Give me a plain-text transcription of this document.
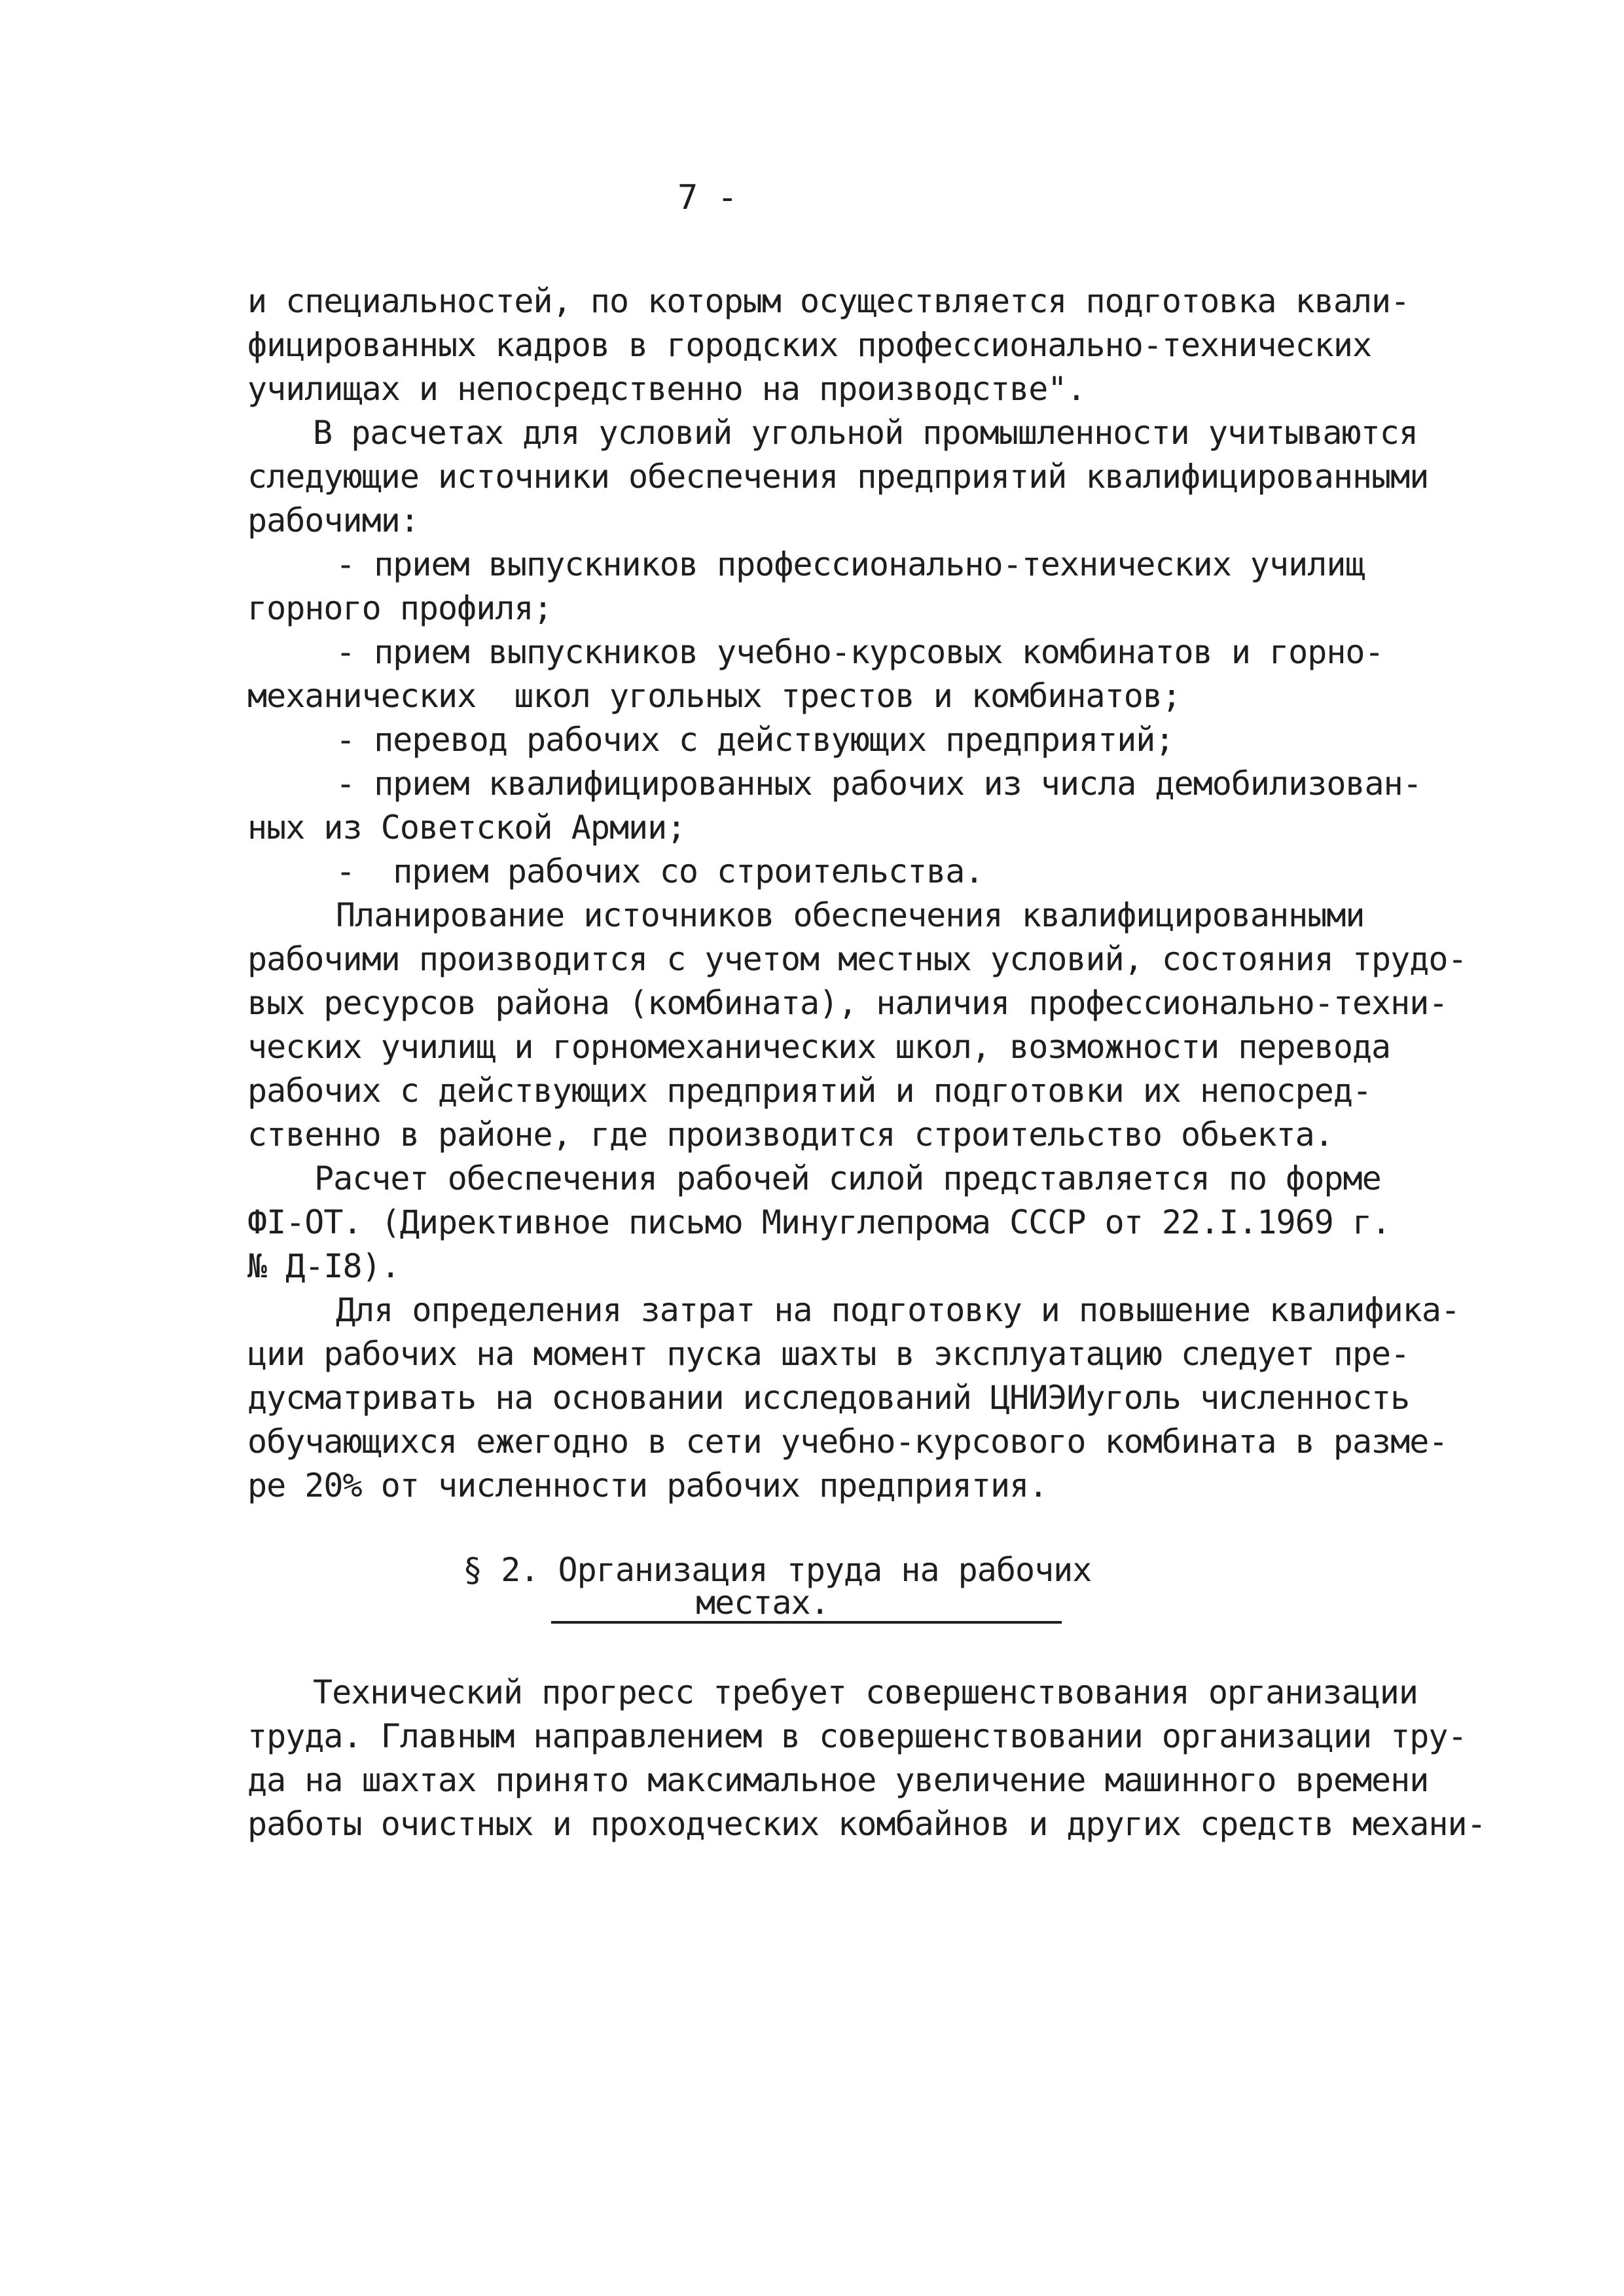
7 -
и специальностей, по которым осуществляется подготовка квали-
фицированных кадров в городских профессионально-технических
училищах и непосредственно на производстве".
В расчетах для условий угольной промышленности учитываются
следующие источники обеспечения предприятий квалифицированными
рабочими:
- прием выпускников профессионально-технических училищ
горного профиля;
- прием выпускников учебно-курсовых комбинатов и горно-
механических  школ угольных трестов и комбинатов;
- перевод рабочих с действующих предприятий;
- прием квалифицированных рабочих из числа демобилизован-
ных из Советской Армии;
-  прием рабочих со строительства.
Планирование источников обеспечения квалифицированными
рабочими производится с учетом местных условий, состояния трудо-
вых ресурсов района (комбината), наличия профессионально-техни-
ческих училищ и горномеханических школ, возможности перевода
рабочих с действующих предприятий и подготовки их непосред-
ственно в районе, где производится строительство обьекта.
Расчет обеспечения рабочей силой представляется по форме
ФI-ОТ. (Директивное письмо Минуглепрома СССР от 22.I.1969 г.
№ Д-I8).
Для определения затрат на подготовку и повышение квалифика-
ции рабочих на момент пуска шахты в эксплуатацию следует пре-
дусматривать на основании исследований ЦНИЭИуголь численность
обучающихся ежегодно в сети учебно-курсового комбината в разме-
ре 20% от численности рабочих предприятия.
§ 2. Организация труда на рабочих
местах.
Технический прогресс требует совершенствования организации
труда. Главным направлением в совершенствовании организации тру-
да на шахтах принято максимальное увеличение машинного времени
работы очистных и проходческих комбайнов и других средств механи-
